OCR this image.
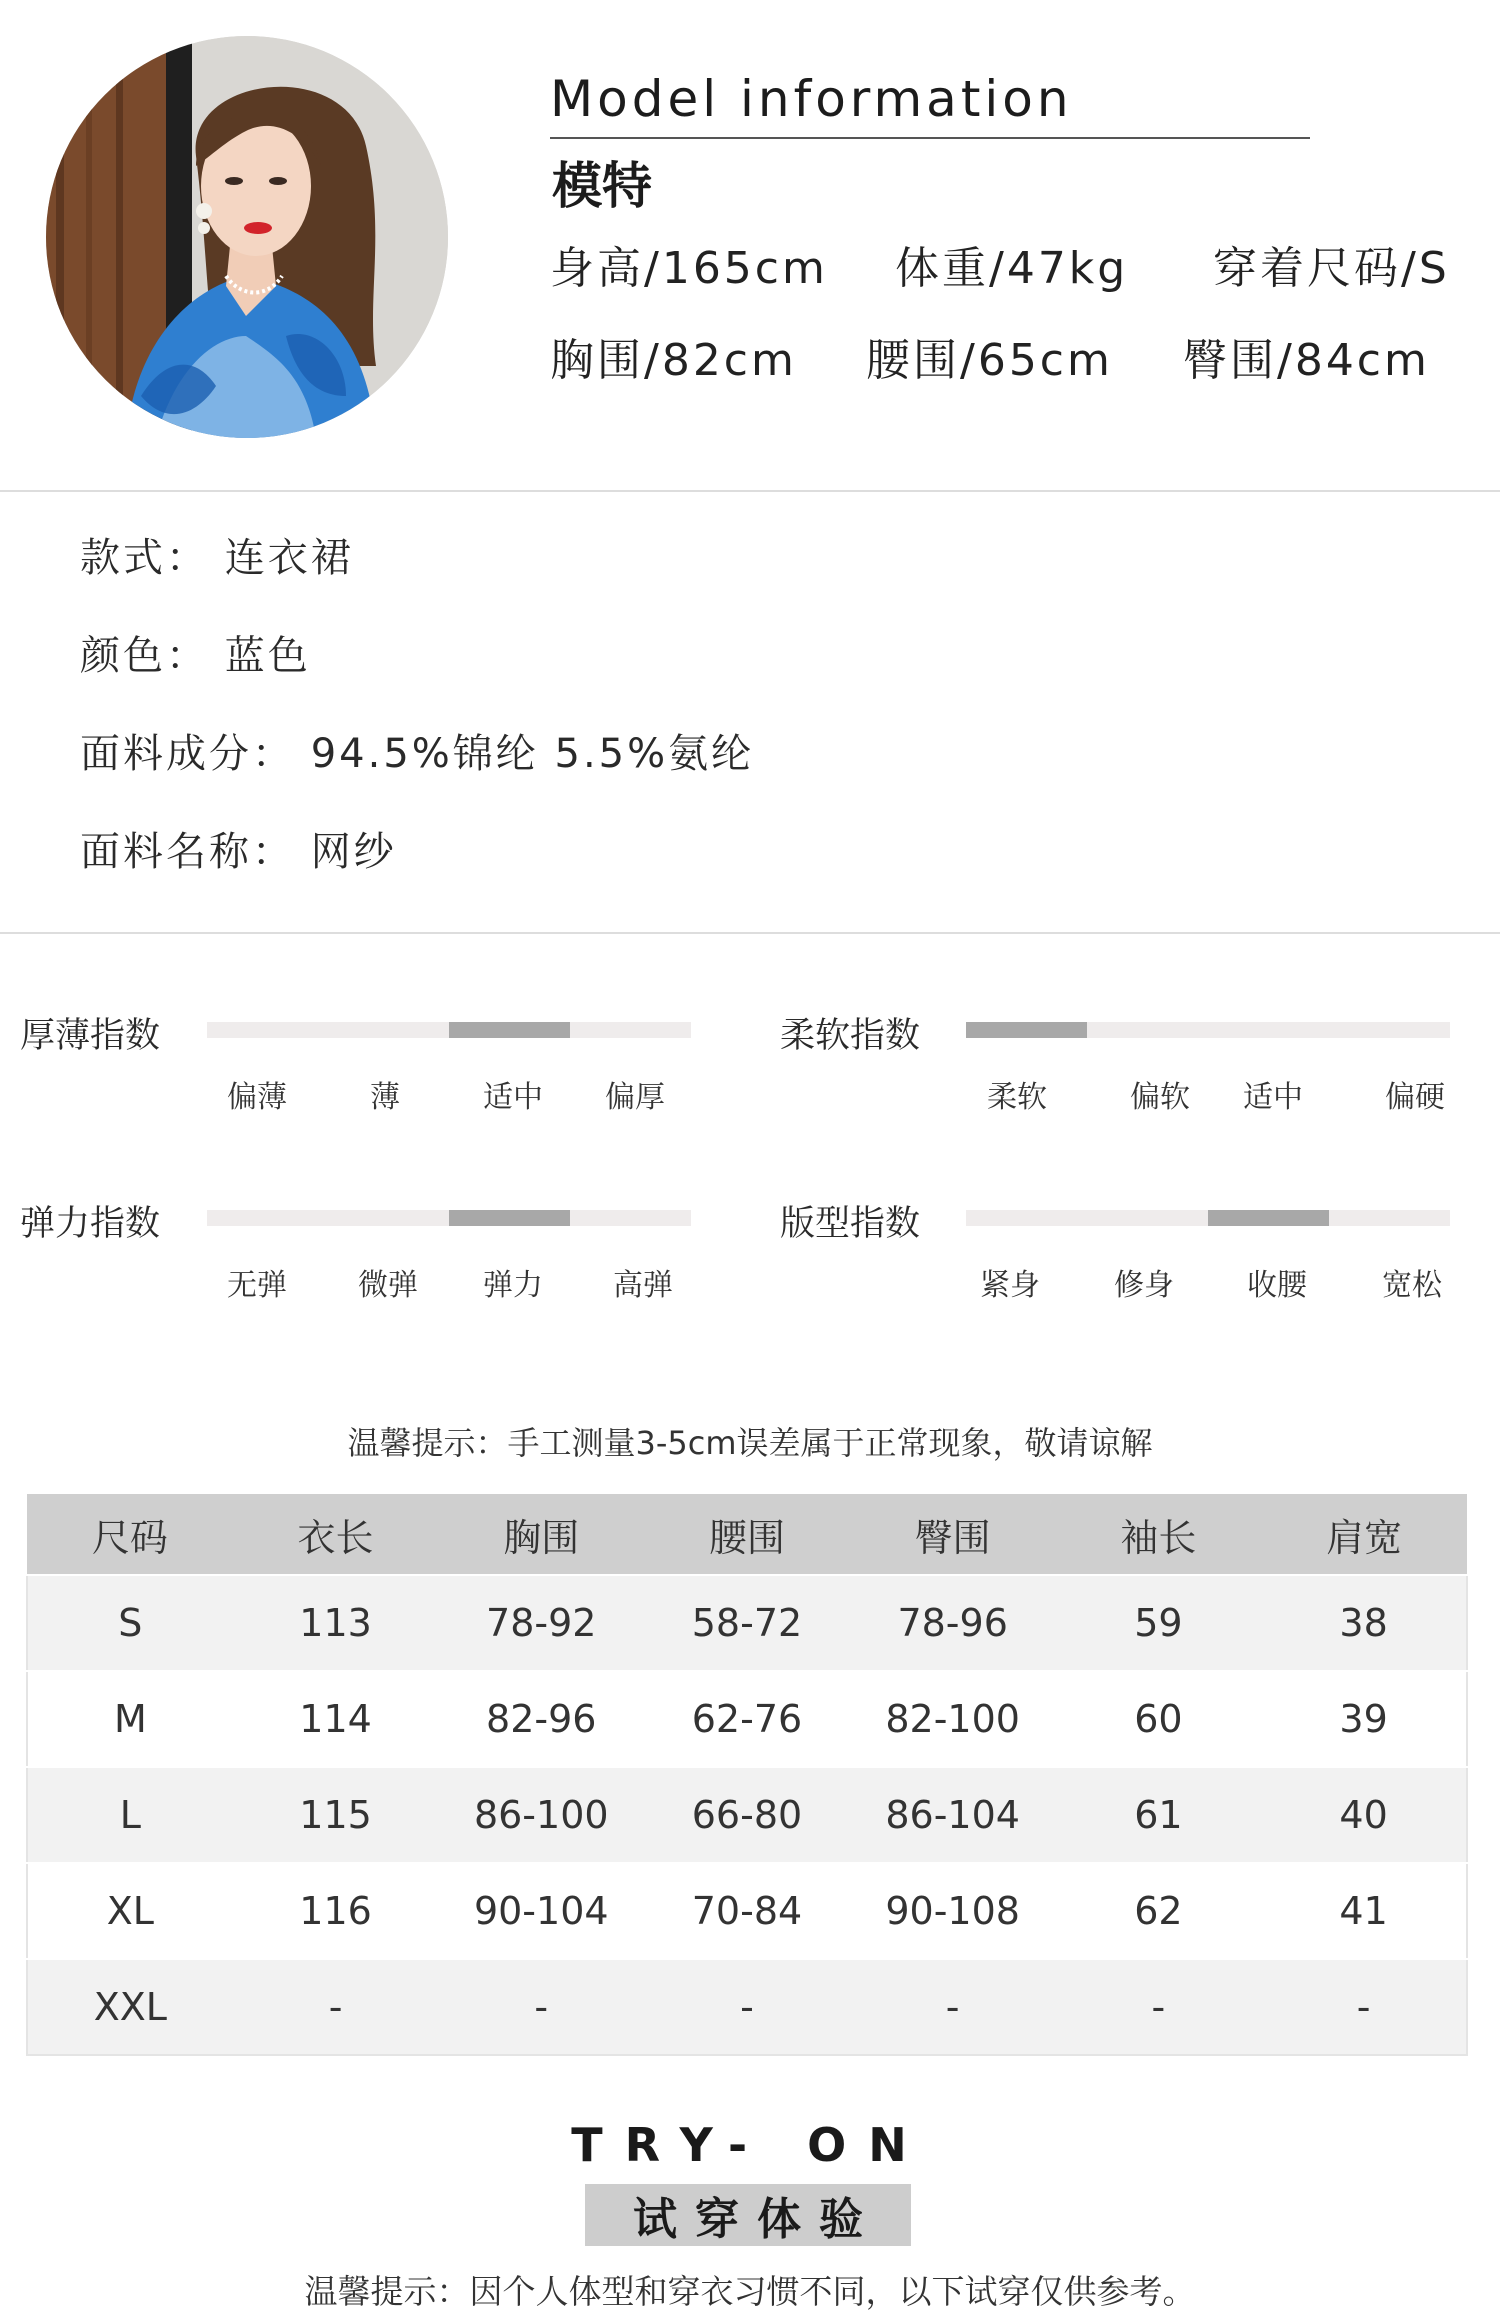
Model information
模特
身高/165cm 体重/47kg 穿着尺码/S
胸围/82cm 腰围/65cm 臀围/84cm
款式： 连衣裙
颜色： 蓝色
面料成分： 94.5%锦纶 5.5%氨纶
面料名称： 网纱
厚薄指数
偏薄	薄	适中	偏厚
柔软指数
柔软	偏软	适中	偏硬
弹力指数
无弹	微弹	弹力	高弹
版型指数
紧身	修身	收腰	宽松
温馨提示：手工测量3-5cm误差属于正常现象，敬请谅解
尺码	衣长	胸围	腰围	臀围	袖长	肩宽
S	113	78-92	58-72	78-96	59	38
M	114	82-96	62-76	82-100	60	39
L	115	86-100	66-80	86-104	61	40
XL	116	90-104	70-84	90-108	62	41
XXL	-	-	-	-	-	-
TRY- ON
试穿体验
温馨提示：因个人体型和穿衣习惯不同，以下试穿仅供参考。
